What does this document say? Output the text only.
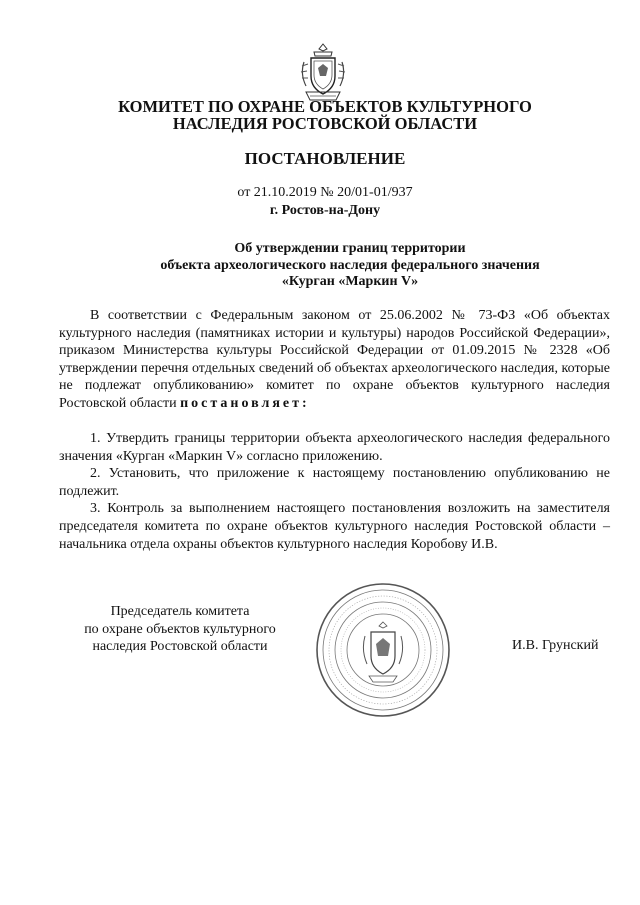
КОМИТЕТ ПО ОХРАНЕ ОБЪЕКТОВ КУЛЬТУРНОГО
НАСЛЕДИЯ РОСТОВСКОЙ ОБЛАСТИ
ПОСТАНОВЛЕНИЕ
от 21.10.2019 № 20/01-01/937
г. Ростов-на-Дону
Об утверждении границ территории
объекта археологического наследия федерального значения
«Курган «Маркин V»

В соответствии с Федеральным законом от 25.06.2002 № 73-ФЗ «Об объектах культурного наследия (памятниках истории и культуры) народов Российской Федерации», приказом Министерства культуры Российской Федерации от 01.09.2015 № 2328 «Об утверждении перечня отдельных сведений об объектах археологического наследия, которые не подлежат опубликованию» комитет по охране объектов культурного наследия Ростовской области постановляет:

1. Утвердить границы территории объекта археологического наследия федерального значения «Курган «Маркин V» согласно приложению.

2. Установить, что приложение к настоящему постановлению опубликованию не подлежит.

3. Контроль за выполнением настоящего постановления возложить на заместителя председателя комитета по охране объектов культурного наследия Ростовской области – начальника отдела охраны объектов культурного наследия Коробову И.В.

Председатель комитета
по охране объектов культурного
наследия Ростовской области	И.В. Грунский
